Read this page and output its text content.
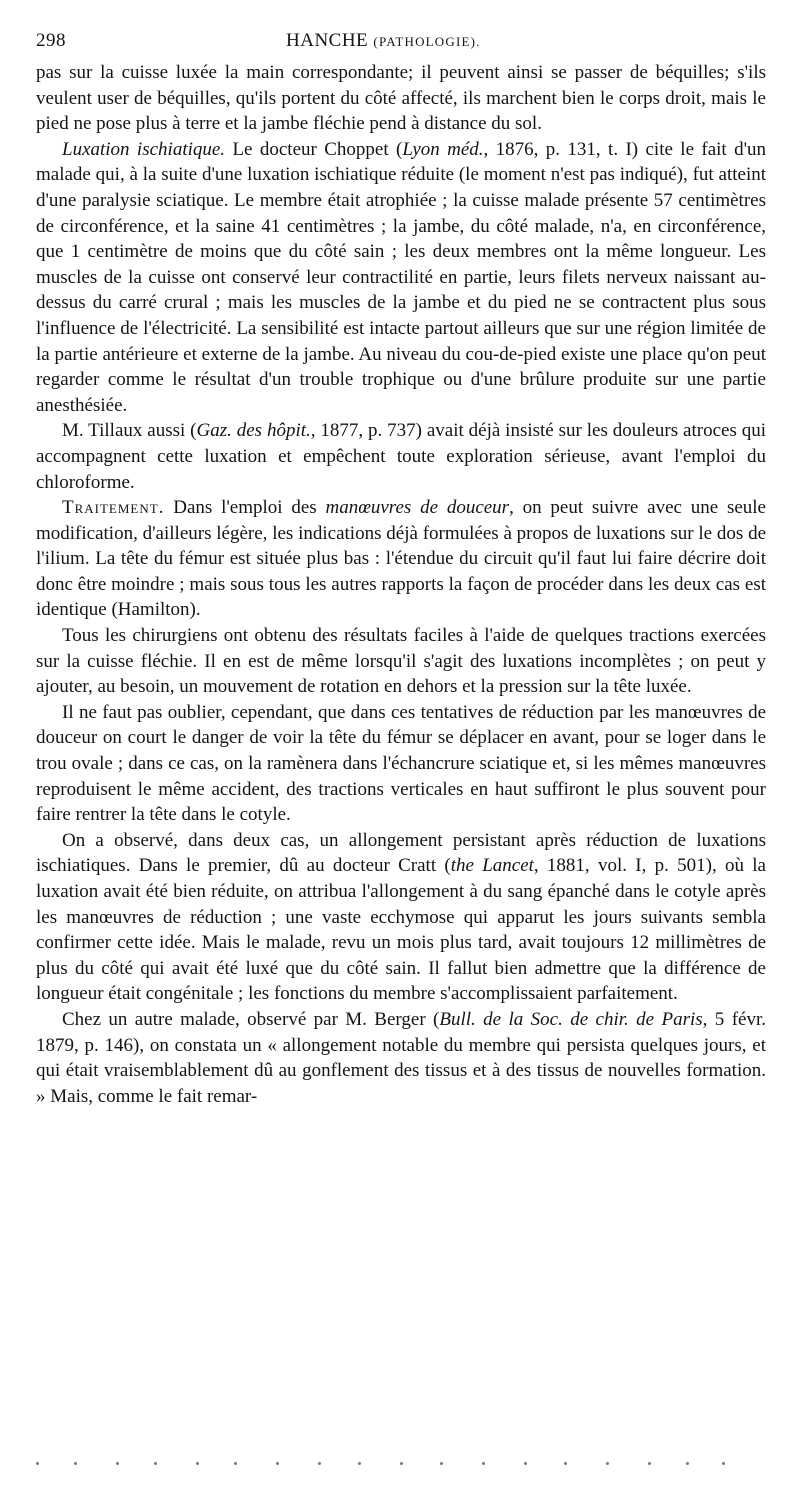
298	HANCHE (PATHOLOGIE).

pas sur la cuisse luxée la main correspondante; il peuvent ainsi se passer de béquilles; s'ils veulent user de béquilles, qu'ils portent du côté affecté, ils marchent bien le corps droit, mais le pied ne pose plus à terre et la jambe fléchie pend à distance du sol.

Luxation ischiatique. Le docteur Choppet (Lyon méd., 1876, p. 131, t. I) cite le fait d'un malade qui, à la suite d'une luxation ischiatique réduite (le moment n'est pas indiqué), fut atteint d'une paralysie sciatique. Le membre était atrophiée ; la cuisse malade présente 57 centimètres de circonférence, et la saine 41 centimètres ; la jambe, du côté malade, n'a, en circonférence, que 1 centimètre de moins que du côté sain ; les deux membres ont la même longueur. Les muscles de la cuisse ont conservé leur contractilité en partie, leurs filets nerveux naissant au-dessus du carré crural ; mais les muscles de la jambe et du pied ne se contractent plus sous l'influence de l'électricité. La sensibilité est intacte partout ailleurs que sur une région limitée de la partie antérieure et externe de la jambe. Au niveau du cou-de-pied existe une place qu'on peut regarder comme le résultat d'un trouble trophique ou d'une brûlure produite sur une partie anesthésiée.

M. Tillaux aussi (Gaz. des hôpit., 1877, p. 737) avait déjà insisté sur les douleurs atroces qui accompagnent cette luxation et empêchent toute exploration sérieuse, avant l'emploi du chloroforme.

Traitement. Dans l'emploi des manœuvres de douceur, on peut suivre avec une seule modification, d'ailleurs légère, les indications déjà formulées à propos de luxations sur le dos de l'ilium. La tête du fémur est située plus bas : l'étendue du circuit qu'il faut lui faire décrire doit donc être moindre ; mais sous tous les autres rapports la façon de procéder dans les deux cas est identique (Hamilton).

Tous les chirurgiens ont obtenu des résultats faciles à l'aide de quelques tractions exercées sur la cuisse fléchie. Il en est de même lorsqu'il s'agit des luxations incomplètes ; on peut y ajouter, au besoin, un mouvement de rotation en dehors et la pression sur la tête luxée.

Il ne faut pas oublier, cependant, que dans ces tentatives de réduction par les manœuvres de douceur on court le danger de voir la tête du fémur se déplacer en avant, pour se loger dans le trou ovale ; dans ce cas, on la ramènera dans l'échancrure sciatique et, si les mêmes manœuvres reproduisent le même accident, des tractions verticales en haut suffiront le plus souvent pour faire rentrer la tête dans le cotyle.

On a observé, dans deux cas, un allongement persistant après réduction de luxations ischiatiques. Dans le premier, dû au docteur Cratt (the Lancet, 1881, vol. I, p. 501), où la luxation avait été bien réduite, on attribua l'allongement à du sang épanché dans le cotyle après les manœuvres de réduction ; une vaste ecchymose qui apparut les jours suivants sembla confirmer cette idée. Mais le malade, revu un mois plus tard, avait toujours 12 millimètres de plus du côté qui avait été luxé que du côté sain. Il fallut bien admettre que la différence de longueur était congénitale ; les fonctions du membre s'accomplissaient parfaitement.

Chez un autre malade, observé par M. Berger (Bull. de la Soc. de chir. de Paris, 5 févr. 1879, p. 146), on constata un « allongement notable du membre qui persista quelques jours, et qui était vraisemblablement dû au gonflement des tissus et à des tissus de nouvelles formation. » Mais, comme le fait remar-
